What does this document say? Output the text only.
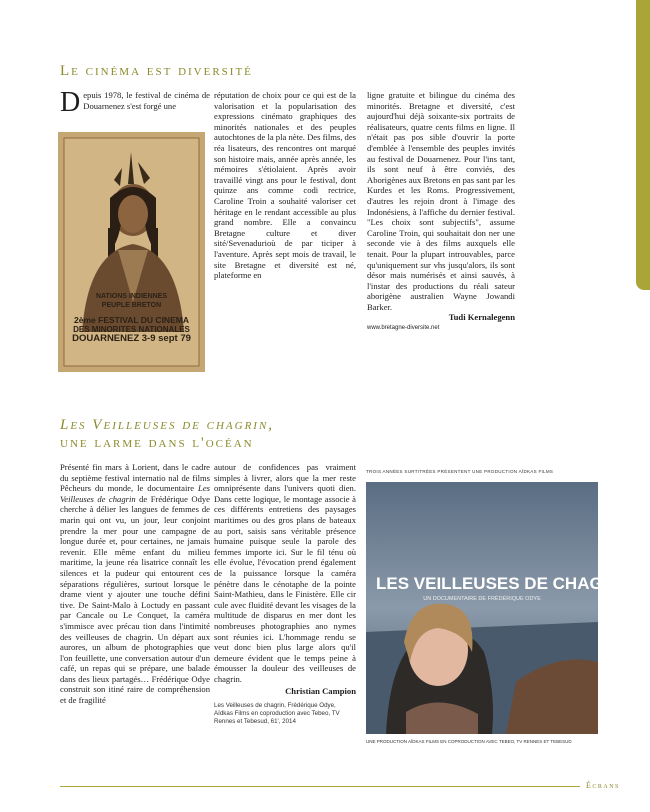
Le cinéma est diversité

Depuis 1978, le festival de cinéma de Douarnenez s'est forgé une

NATIONS INDIENNES
PEUPLE BRETON
2ème FESTIVAL DU CINEMA
DES MINORITES NATIONALES
DOUARNENEZ 3-9 sept 79

réputation de choix pour ce qui est de la valorisation et la popularisation des expressions cinémato graphiques des minorités nationales et des peuples autochtones de la pla nète. Des films, des réa lisateurs, des rencontres ont marqué son histoire mais, année après année, les mémoires s'étiolaient. Après avoir travaillé vingt ans pour le festival, dont quinze ans comme codi rectrice, Caroline Troin a souhaité valoriser cet héritage en le rendant accessible au plus grand nombre. Elle a convaincu Bretagne culture et diver sité/Sevenadurioù de par ticiper à l'aventure. Après sept mois de travail, le site Bretagne et diversité est né, plateforme en

ligne gratuite et bilingue du cinéma des minorités. Bretagne et diversité, c'est aujourd'hui déjà soixante-six portraits de réalisateurs, quatre cents films en ligne. Il n'était pas pos sible d'ouvrir la porte d'emblée à l'ensemble des peuples invités au festival de Douarnenez. Pour l'ins tant, ils sont neuf à être conviés, des Aborigènes aux Bretons en pas sant par les Kurdes et les Roms. Progressivement, d'autres les rejoin dront à l'image des Indonésiens, à l'affiche du dernier festival. "Les choix sont subjectifs", assume Caroline Troin, qui souhaitait don ner une seconde vie à des films auxquels elle tenait. Pour la plupart introuvables, parce qu'uniquement sur vhs jusqu'alors, ils sont désor mais numérisés et ainsi sauvés, à l'instar des productions du réali sateur aborigène australien Wayne Jowandi Barker.

Tudi Kernalegenn

www.bretagne-diversite.net
Les Veilleuses de chagrin,
une larme dans l'océan

Présenté fin mars à Lorient, dans le cadre du septième festival internatio nal de films Pêcheurs du monde, le documentaire Les Veilleuses de chagrin de Frédérique Odye cherche à délier les langues de femmes de marin qui ont vu, un jour, leur conjoint prendre la mer pour une campagne de longue durée et, pour certaines, ne jamais revenir. Elle même enfant du milieu maritime, la jeune réa lisatrice connaît les silences et la pudeur qui entourent ces séparations régulières, surtout lorsque le drame vient y ajouter une touche défini tive. De Saint-Malo à Loctudy en passant par Cancale ou Le Conquet, la caméra s'immisce avec précau tion dans l'intimité des veilleuses de chagrin. Un départ aux aurores, un album de photographies que l'on feuillette, une conversation autour d'un café, un repas qui se prépare, une balade dans des lieux partagés… Frédérique Odye construit son itiné raire de compréhension et de fragilité

autour de confidences pas vraiment simples à livrer, alors que la mer reste omniprésente dans l'univers quoti dien. Dans cette logique, le montage associe à ces différents entretiens des paysages maritimes ou des gros plans de bateaux au port, saisis sans véritable présence humaine puisque seule la parole des femmes importe ici. Sur le fil ténu où elle évolue, l'évocation prend également de la puissance lorsque la caméra pénètre dans le cénotaphe de la pointe Saint-Mathieu, dans le Finistère. Elle cir cule avec fluidité devant les visages de la multitude de disparus en mer dont les nombreuses photographies ano nymes sont réunies ici. L'hommage rendu se veut donc bien plus large alors qu'il demeure évident que le temps peine à émousser la douleur des veilleuses de chagrin.

Christian Campion

Les Veilleuses de chagrin, Frédérique Odye, Aïdkas Films en coproduction avec Tebeo, TV Rennes et Tebesud, 61', 2014
TROIS ANNÉES SURTITRÉES PRÉSENTENT UNE PRODUCTION AÏDKAS FILMS
LES VEILLEUSES DE CHAGRIN
UN DOCUMENTAIRE DE FRÉDÉRIQUE ODYE
UNE PRODUCTION AÏDKAS FILMS EN COPRODUCTION AVEC TEBEO, TV RENNES ET TEBESUD
Écrans
